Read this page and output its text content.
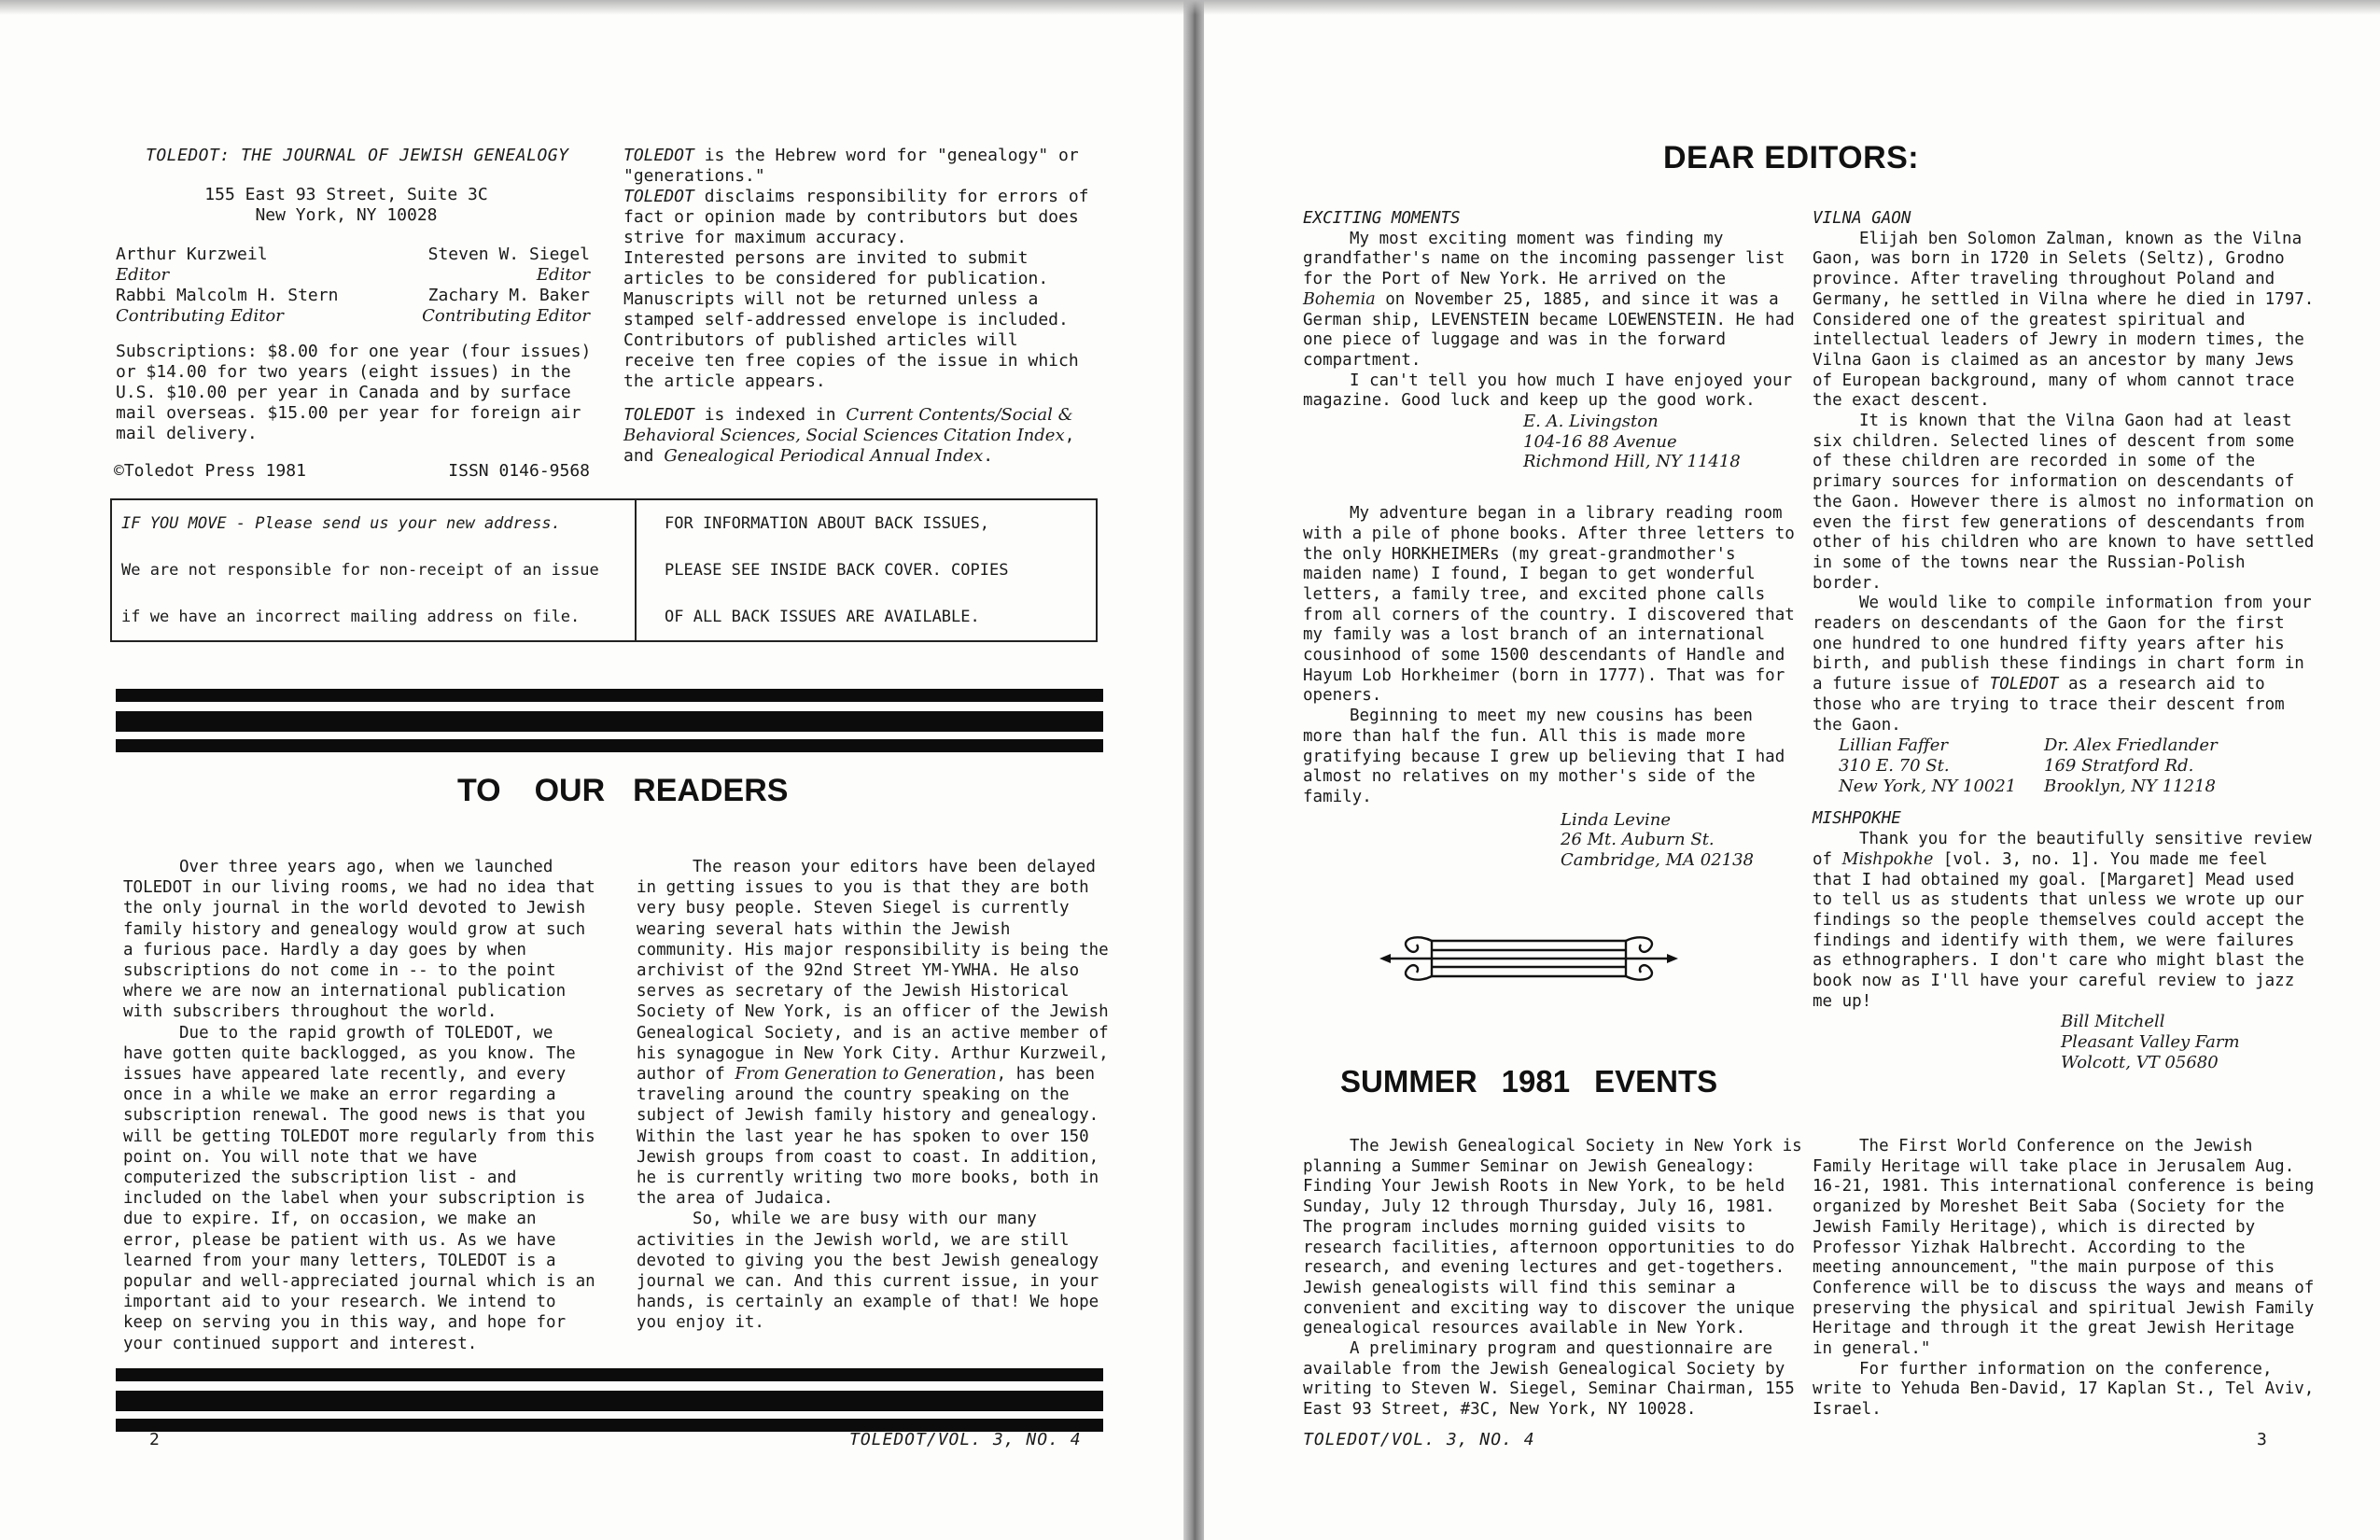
TOLEDOT: THE JOURNAL OF JEWISH GENEALOGY
155 East 93 Street, Suite 3C
New York, NY 10028
Arthur Kurzweil	Steven W. Siegel
Editor	Editor
Rabbi Malcolm H. Stern	Zachary M. Baker
Contributing Editor	Contributing Editor
Subscriptions: $8.00 for one year (four issues) or $14.00 for two years (eight issues) in the U.S. $10.00 per year in Canada and by surface mail overseas. $15.00 per year for foreign air mail delivery.
©Toledot Press 1981	ISSN 0146-9568

TOLEDOT is the Hebrew word for "genealogy" or "generations."

TOLEDOT disclaims responsibility for errors of fact or opinion made by contributors but does strive for maximum accuracy.

Interested persons are invited to submit articles to be considered for publication. Manuscripts will not be returned unless a stamped self-addressed envelope is included.

Contributors of published articles will receive ten free copies of the issue in which the article appears.

TOLEDOT is indexed in Current Contents/Social & Behavioral Sciences, Social Sciences Citation Index, and Genealogical Periodical Annual Index.

IF YOU MOVE - Please send us your new address.
We are not responsible for non-receipt of an issue
if we have an incorrect mailing address on file.
FOR INFORMATION ABOUT BACK ISSUES,
PLEASE SEE INSIDE BACK COVER. COPIES
OF ALL BACK ISSUES ARE AVAILABLE.
TO OUR READERS

Over three years ago, when we launched TOLEDOT in our living rooms, we had no idea that the only journal in the world devoted to Jewish family history and genealogy would grow at such a furious pace. Hardly a day goes by when subscriptions do not come in -- to the point where we are now an international publication with subscribers throughout the world.

Due to the rapid growth of TOLEDOT, we have gotten quite backlogged, as you know. The issues have appeared late recently, and every once in a while we make an error regarding a subscription renewal. The good news is that you will be getting TOLEDOT more regularly from this point on. You will note that we have computerized the subscription list - and included on the label when your subscription is due to expire. If, on occasion, we make an error, please be patient with us. As we have learned from your many letters, TOLEDOT is a popular and well-appreciated journal which is an important aid to your research. We intend to keep on serving you in this way, and hope for your continued support and interest.

The reason your editors have been delayed in getting issues to you is that they are both very busy people. Steven Siegel is currently wearing several hats within the Jewish community. His major responsibility is being the archivist of the 92nd Street YM-YWHA. He also serves as secretary of the Jewish Historical Society of New York, is an officer of the Jewish Genealogical Society, and is an active member of his synagogue in New York City. Arthur Kurzweil, author of From Generation to Generation, has been traveling around the country speaking on the subject of Jewish family history and genealogy. Within the last year he has spoken to over 150 Jewish groups from coast to coast. In addition, he is currently writing two more books, both in the area of Judaica.

So, while we are busy with our many activities in the Jewish world, we are still devoted to giving you the best Jewish genealogy journal we can. And this current issue, in your hands, is certainly an example of that! We hope you enjoy it.

2	TOLEDOT/VOL. 3, NO. 4
DEAR EDITORS:
EXCITING MOMENTS

My most exciting moment was finding my grandfather's name on the incoming passenger list for the Port of New York. He arrived on the Bohemia on November 25, 1885, and since it was a German ship, LEVENSTEIN became LOEWENSTEIN. He had one piece of luggage and was in the forward compartment.

I can't tell you how much I have enjoyed your magazine. Good luck and keep up the good work.

E. A. Livingston
104-16 88 Avenue
Richmond Hill, NY 11418

My adventure began in a library reading room with a pile of phone books. After three letters to the only HORKHEIMERs (my great-grandmother's maiden name) I found, I began to get wonderful letters, a family tree, and excited phone calls from all corners of the country. I discovered that my family was a lost branch of an international cousinhood of some 1500 descendants of Handle and Hayum Lob Horkheimer (born in 1777). That was for openers.

Beginning to meet my new cousins has been more than half the fun. All this is made more gratifying because I grew up believing that I had almost no relatives on my mother's side of the family.

Linda Levine
26 Mt. Auburn St.
Cambridge, MA 02138
VILNA GAON

Elijah ben Solomon Zalman, known as the Vilna Gaon, was born in 1720 in Selets (Seltz), Grodno province. After traveling throughout Poland and Germany, he settled in Vilna where he died in 1797. Considered one of the greatest spiritual and intellectual leaders of Jewry in modern times, the Vilna Gaon is claimed as an ancestor by many Jews of European background, many of whom cannot trace the exact descent.

It is known that the Vilna Gaon had at least six children. Selected lines of descent from some of these children are recorded in some of the primary sources for information on descendants of the Gaon. However there is almost no information on even the first few generations of descendants from other of his children who are known to have settled in some of the towns near the Russian-Polish border.

We would like to compile information from your readers on descendants of the Gaon for the first one hundred to one hundred fifty years after his birth, and publish these findings in chart form in a future issue of TOLEDOT as a research aid to those who are trying to trace their descent from the Gaon.

Lillian Faffer
310 E. 70 St.
New York, NY 10021
Dr. Alex Friedlander
169 Stratford Rd.
Brooklyn, NY 11218
MISHPOKHE

Thank you for the beautifully sensitive review of Mishpokhe [vol. 3, no. 1]. You made me feel that I had obtained my goal. [Margaret] Mead used to tell us as students that unless we wrote up our findings so the people themselves could accept the findings and identify with them, we were failures as ethnographers. I don't care who might blast the book now as I'll have your careful review to jazz me up!

Bill Mitchell
Pleasant Valley Farm
Wolcott, VT 05680
SUMMER 1981 EVENTS

The Jewish Genealogical Society in New York is planning a Summer Seminar on Jewish Genealogy: Finding Your Jewish Roots in New York, to be held Sunday, July 12 through Thursday, July 16, 1981. The program includes morning guided visits to research facilities, afternoon opportunities to do research, and evening lectures and get-togethers. Jewish genealogists will find this seminar a convenient and exciting way to discover the unique genealogical resources available in New York.

A preliminary program and questionnaire are available from the Jewish Genealogical Society by writing to Steven W. Siegel, Seminar Chairman, 155 East 93 Street, #3C, New York, NY 10028.

The First World Conference on the Jewish Family Heritage will take place in Jerusalem Aug. 16-21, 1981. This international conference is being organized by Moreshet Beit Saba (Society for the Jewish Family Heritage), which is directed by Professor Yizhak Halbrecht. According to the meeting announcement, "the main purpose of this Conference will be to discuss the ways and means of preserving the physical and spiritual Jewish Family Heritage and through it the great Jewish Heritage in general."

For further information on the conference, write to Yehuda Ben-David, 17 Kaplan St., Tel Aviv, Israel.

TOLEDOT/VOL. 3, NO. 4	3
